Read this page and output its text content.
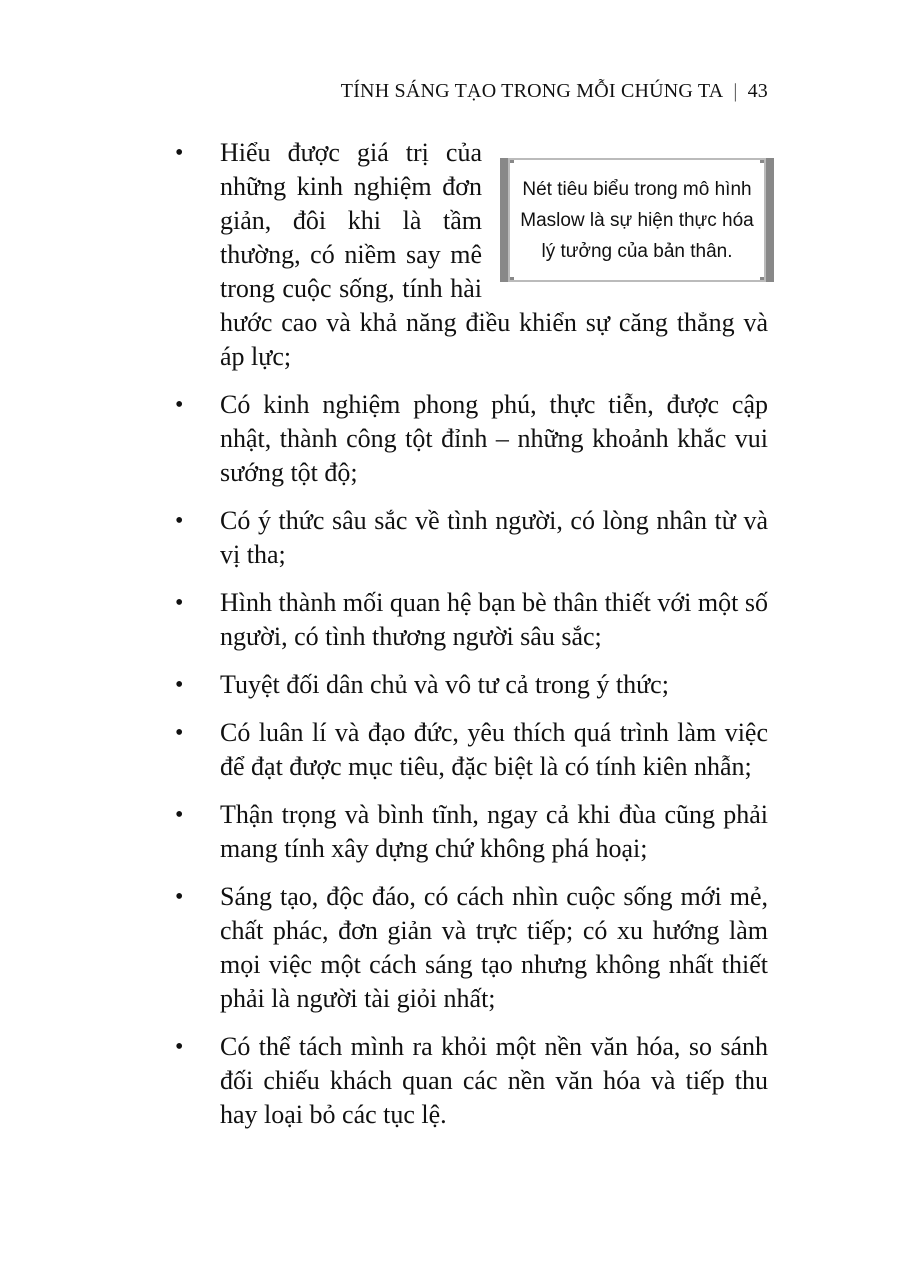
TÍNH SÁNG TẠO TRONG MỖI CHÚNG TA | 43
•
Nét tiêu biểu trong mô hình Maslow là sự hiện thực hóa lý tưởng của bản thân.
Hiểu được giá trị của những kinh nghiệm đơn giản, đôi khi là tầm thường, có niềm say mê trong cuộc sống, tính hài hước cao và khả năng điều khiển sự căng thẳng và áp lực;
• Có kinh nghiệm phong phú, thực tiễn, được cập nhật, thành công tột đỉnh – những khoảnh khắc vui sướng tột độ;
• Có ý thức sâu sắc về tình người, có lòng nhân từ và vị tha;
• Hình thành mối quan hệ bạn bè thân thiết với một số người, có tình thương người sâu sắc;
• Tuyệt đối dân chủ và vô tư cả trong ý thức;
• Có luân lí và đạo đức, yêu thích quá trình làm việc để đạt được mục tiêu, đặc biệt là có tính kiên nhẫn;
• Thận trọng và bình tĩnh, ngay cả khi đùa cũng phải mang tính xây dựng chứ không phá hoại;
• Sáng tạo, độc đáo, có cách nhìn cuộc sống mới mẻ, chất phác, đơn giản và trực tiếp; có xu hướng làm mọi việc một cách sáng tạo nhưng không nhất thiết phải là người tài giỏi nhất;
• Có thể tách mình ra khỏi một nền văn hóa, so sánh đối chiếu khách quan các nền văn hóa và tiếp thu hay loại bỏ các tục lệ.
